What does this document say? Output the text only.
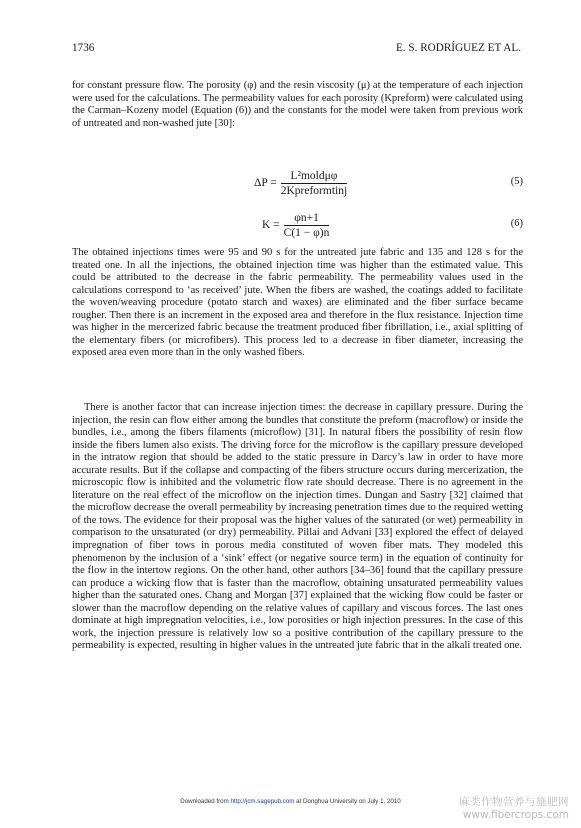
1736	E. S. RODRÍGUEZ ET AL.

for constant pressure flow. The porosity (φ) and the resin viscosity (μ) at the temperature of each injection were used for the calculations. The permeability values for each porosity (Kpreform) were calculated using the Carman–Kozeny model (Equation (6)) and the constants for the model were taken from previous work of untreated and non-washed jute [30]:

$\Delta P = \frac{\text{L²moldμφ}}{\text{2Kpreformtinj}}$	(5)
$K = \frac{\varphi n+1}{C(1 - \varphi)n}$	(6)

The obtained injections times were 95 and 90 s for the untreated jute fabric and 135 and 128 s for the treated one. In all the injections, the obtained injection time was higher than the estimated value. This could be attributed to the decrease in the fabric permeability. The permeability values used in the calculations correspond to ‘as received’ jute. When the fibers are washed, the coatings added to facilitate the woven/weaving procedure (potato starch and waxes) are eliminated and the fiber surface became rougher. Then there is an increment in the exposed area and therefore in the flux resistance. Injection time was higher in the mercerized fabric because the treatment produced fiber fibrillation, i.e., axial splitting of the elementary fibers (or microfibers). This process led to a decrease in fiber diameter, increasing the exposed area even more than in the only washed fibers.

There is another factor that can increase injection times: the decrease in capillary pressure. During the injection, the resin can flow either among the bundles that constitute the preform (macroflow) or inside the bundles, i.e., among the fibers filaments (microflow) [31]. In natural fibers the possibility of resin flow inside the fibers lumen also exists. The driving force for the microflow is the capillary pressure developed in the intratow region that should be added to the static pressure in Darcy’s law in order to have more accurate results. But if the collapse and compacting of the fibers structure occurs during mercerization, the microscopic flow is inhibited and the volumetric flow rate should decrease. There is no agreement in the literature on the real effect of the microflow on the injection times. Dungan and Sastry [32] claimed that the microflow decrease the overall permeability by increasing penetration times due to the required wetting of the tows. The evidence for their proposal was the higher values of the saturated (or wet) permeability in comparison to the unsaturated (or dry) permeability. Pillai and Advani [33] explored the effect of delayed impregnation of fiber tows in porous media constituted of woven fiber mats. They modeled this phenomenon by the inclusion of a ‘sink’ effect (or negative source term) in the equation of continuity for the flow in the intertow regions. On the other hand, other authors [34–36] found that the capillary pressure can produce a wicking flow that is faster than the macroflow, obtaining unsaturated permeability values higher than the saturated ones. Chang and Morgan [37] explained that the wicking flow could be faster or slower than the macroflow depending on the relative values of capillary and viscous forces. The last ones dominate at high impregnation velocities, i.e., low porosities or high injection pressures. In the case of this work, the injection pressure is relatively low so a positive contribution of the capillary pressure to the permeability is expected, resulting in higher values in the untreated jute fabric that in the alkali treated one.

Downloaded from http://jcm.sagepub.com at Donghua University on July 1, 2010	麻类作物营养与施肥网
www.fibercrops.com
